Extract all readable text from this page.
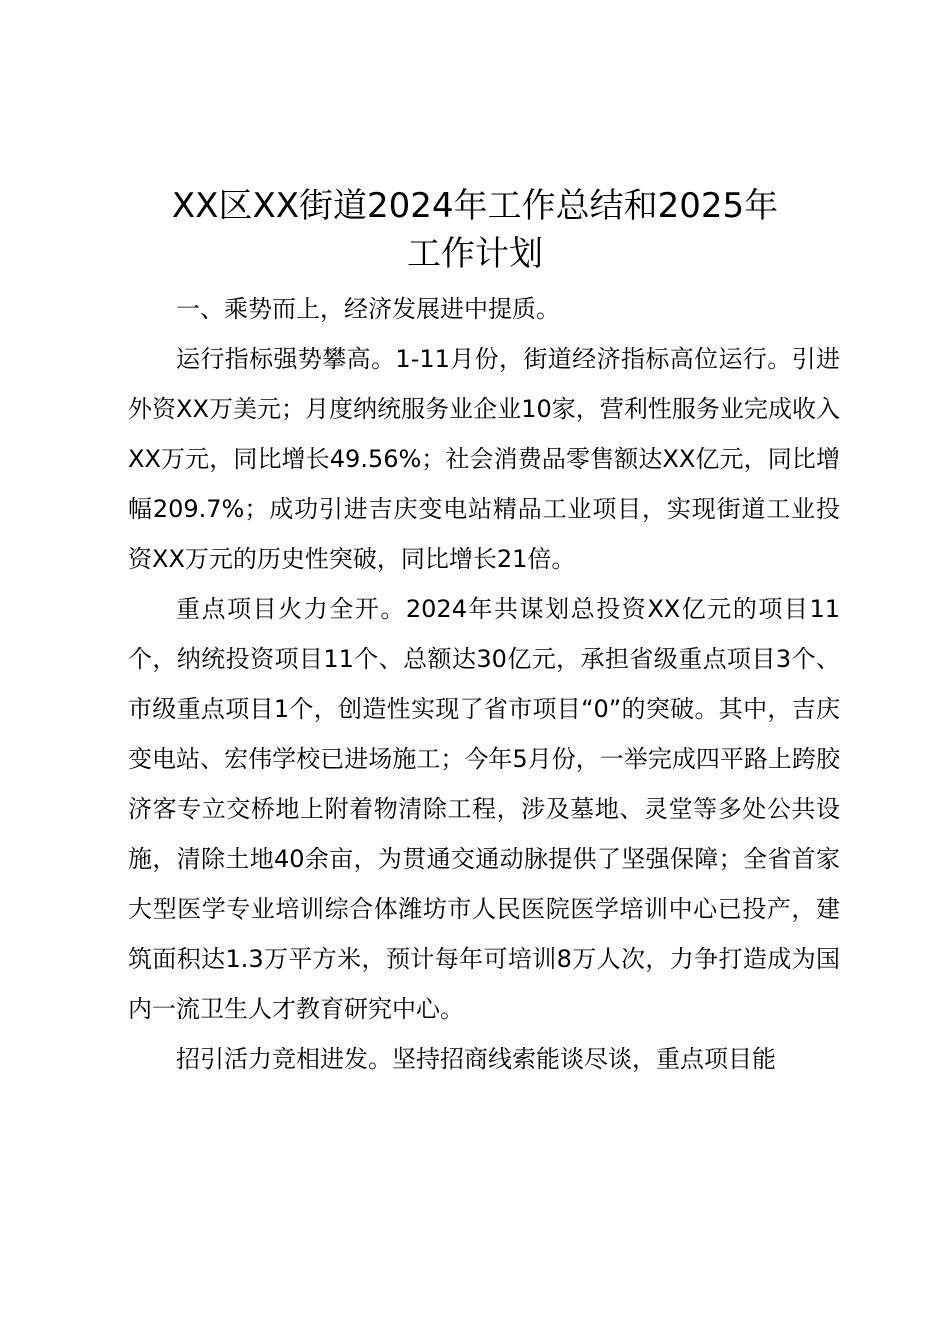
XX区XX街道2024年工作总结和2025年
工作计划

一、乘势而上，经济发展进中提质。

运行指标强势攀高。1-11月份，街道经济指标高位运行。引进外资XX万美元；月度纳统服务业企业10家，营利性服务业完成收入XX万元，同比增长49.56%；社会消费品零售额达XX亿元，同比增幅209.7%；成功引进吉庆变电站精品工业项目，实现街道工业投资XX万元的历史性突破，同比增长21倍。

重点项目火力全开。2024年共谋划总投资XX亿元的项目11个，纳统投资项目11个、总额达30亿元，承担省级重点项目3个、市级重点项目1个，创造性实现了省市项目“0”的突破。其中，吉庆变电站、宏伟学校已进场施工；今年5月份，一举完成四平路上跨胶济客专立交桥地上附着物清除工程，涉及墓地、灵堂等多处公共设施，清除土地40余亩，为贯通交通动脉提供了坚强保障；全省首家大型医学专业培训综合体潍坊市人民医院医学培训中心已投产，建筑面积达1.3万平方米，预计每年可培训8万人次，力争打造成为国内一流卫生人才教育研究中心。

招引活力竞相进发。坚持招商线索能谈尽谈，重点项目能
